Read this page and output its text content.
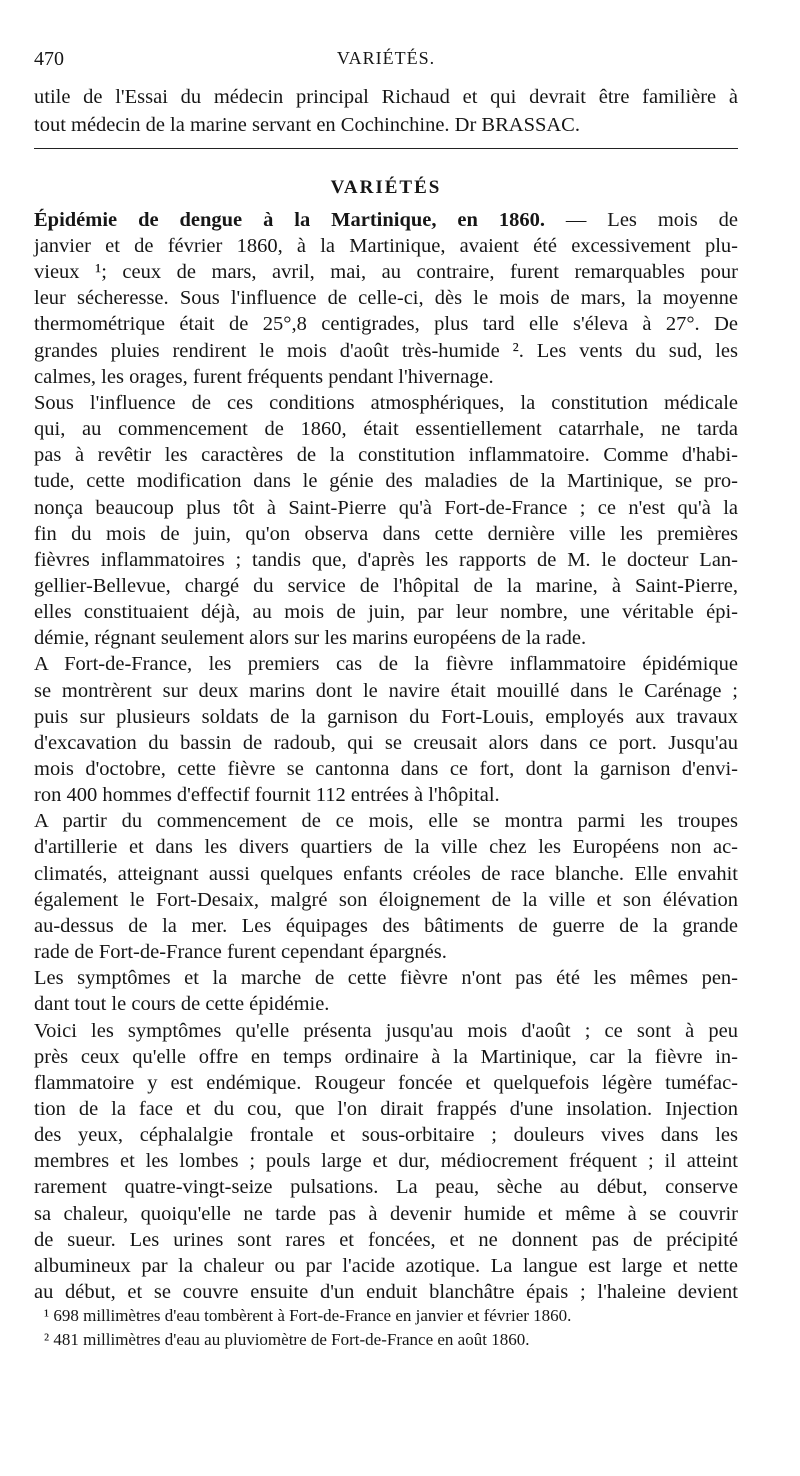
470	VARIÉTÉS.
utile de l'Essai du médecin principal Richaud et qui devrait être familière à
tout médecin de la marine servant en Cochinchine. Dr BRASSAC.
VARIÉTÉS
Épidémie de dengue à la Martinique, en 1860. — Les mois de
janvier et de février 1860, à la Martinique, avaient été excessivement plu-
vieux ¹; ceux de mars, avril, mai, au contraire, furent remarquables pour
leur sécheresse. Sous l'influence de celle-ci, dès le mois de mars, la moyenne
thermométrique était de 25°,8 centigrades, plus tard elle s'éleva à 27°. De
grandes pluies rendirent le mois d'août très-humide ². Les vents du sud, les
calmes, les orages, furent fréquents pendant l'hivernage.
Sous l'influence de ces conditions atmosphériques, la constitution médicale
qui, au commencement de 1860, était essentiellement catarrhale, ne tarda
pas à revêtir les caractères de la constitution inflammatoire. Comme d'habi-
tude, cette modification dans le génie des maladies de la Martinique, se pro-
nonça beaucoup plus tôt à Saint-Pierre qu'à Fort-de-France ; ce n'est qu'à la
fin du mois de juin, qu'on observa dans cette dernière ville les premières
fièvres inflammatoires ; tandis que, d'après les rapports de M. le docteur Lan-
gellier-Bellevue, chargé du service de l'hôpital de la marine, à Saint-Pierre,
elles constituaient déjà, au mois de juin, par leur nombre, une véritable épi-
démie, régnant seulement alors sur les marins européens de la rade.
A Fort-de-France, les premiers cas de la fièvre inflammatoire épidémique
se montrèrent sur deux marins dont le navire était mouillé dans le Carénage ;
puis sur plusieurs soldats de la garnison du Fort-Louis, employés aux travaux
d'excavation du bassin de radoub, qui se creusait alors dans ce port. Jusqu'au
mois d'octobre, cette fièvre se cantonna dans ce fort, dont la garnison d'envi-
ron 400 hommes d'effectif fournit 112 entrées à l'hôpital.
A partir du commencement de ce mois, elle se montra parmi les troupes
d'artillerie et dans les divers quartiers de la ville chez les Européens non ac-
climatés, atteignant aussi quelques enfants créoles de race blanche. Elle envahit
également le Fort-Desaix, malgré son éloignement de la ville et son élévation
au-dessus de la mer. Les équipages des bâtiments de guerre de la grande
rade de Fort-de-France furent cependant épargnés.
Les symptômes et la marche de cette fièvre n'ont pas été les mêmes pen-
dant tout le cours de cette épidémie.
Voici les symptômes qu'elle présenta jusqu'au mois d'août ; ce sont à peu
près ceux qu'elle offre en temps ordinaire à la Martinique, car la fièvre in-
flammatoire y est endémique. Rougeur foncée et quelquefois légère tuméfac-
tion de la face et du cou, que l'on dirait frappés d'une insolation. Injection
des yeux, céphalalgie frontale et sous-orbitaire ; douleurs vives dans les
membres et les lombes ; pouls large et dur, médiocrement fréquent ; il atteint
rarement quatre-vingt-seize pulsations. La peau, sèche au début, conserve
sa chaleur, quoiqu'elle ne tarde pas à devenir humide et même à se couvrir
de sueur. Les urines sont rares et foncées, et ne donnent pas de précipité
albumineux par la chaleur ou par l'acide azotique. La langue est large et nette
au début, et se couvre ensuite d'un enduit blanchâtre épais ; l'haleine devient
¹ 698 millimètres d'eau tombèrent à Fort-de-France en janvier et février 1860.
² 481 millimètres d'eau au pluviomètre de Fort-de-France en août 1860.
